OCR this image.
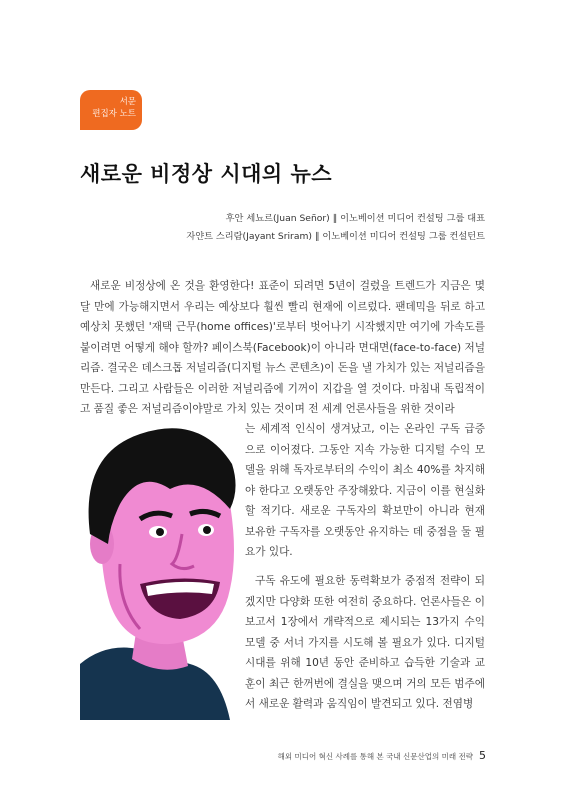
서문
편집자 노트
새로운 비정상 시대의 뉴스
후안 세뇨르(Juan Señor) ∥ 이노베이션 미디어 컨설팅 그룹 대표
자얀트 스리람(Jayant Sriram) ∥ 이노베이션 미디어 컨설팅 그룹 컨설턴트
새로운 비정상에 온 것을 환영한다! 표준이 되려면 5년이 걸렸을 트렌드가 지금은 몇 달 만에 가능해지면서 우리는 예상보다 훨씬 빨리 현재에 이르렀다. 팬데믹을 뒤로 하고 예상치 못했던 '재택 근무(home offices)'로부터 벗어나기 시작했지만 여기에 가속도를 붙이려면 어떻게 해야 할까? 페이스북(Facebook)이 아니라 면대면(face-to-face) 저널리즘. 결국은 데스크톱 저널리즘(디지털 뉴스 콘텐츠)이 돈을 낼 가치가 있는 저널리즘을 만든다. 그리고 사람들은 이러한 저널리즘에 기꺼이 지갑을 열 것이다. 마침내 독립적이고 품질 좋은 저널리즘이야말로 가치 있는 것이며 전 세계 언론사들을 위한 것이라
는 세계적 인식이 생겨났고, 이는 온라인 구독 급증으로 이어졌다. 그동안 지속 가능한 디지털 수익 모델을 위해 독자로부터의 수익이 최소 40%를 차지해야 한다고 오랫동안 주장해왔다. 지금이 이를 현실화할 적기다. 새로운 구독자의 확보만이 아니라 현재 보유한 구독자를 오랫동안 유지하는 데 중점을 둘 필요가 있다.
구독 유도에 필요한 동력확보가 중점적 전략이 되겠지만 다양화 또한 여전히 중요하다. 언론사들은 이 보고서 1장에서 개략적으로 제시되는 13가지 수익 모델 중 서너 가지를 시도해 볼 필요가 있다. 디지털 시대를 위해 10년 동안 준비하고 습득한 기술과 교훈이 최근 한꺼번에 결실을 맺으며 거의 모든 범주에서 새로운 활력과 움직임이 발견되고 있다. 전염병
해외 미디어 혁신 사례를 통해 본 국내 신문산업의 미래 전략 5
